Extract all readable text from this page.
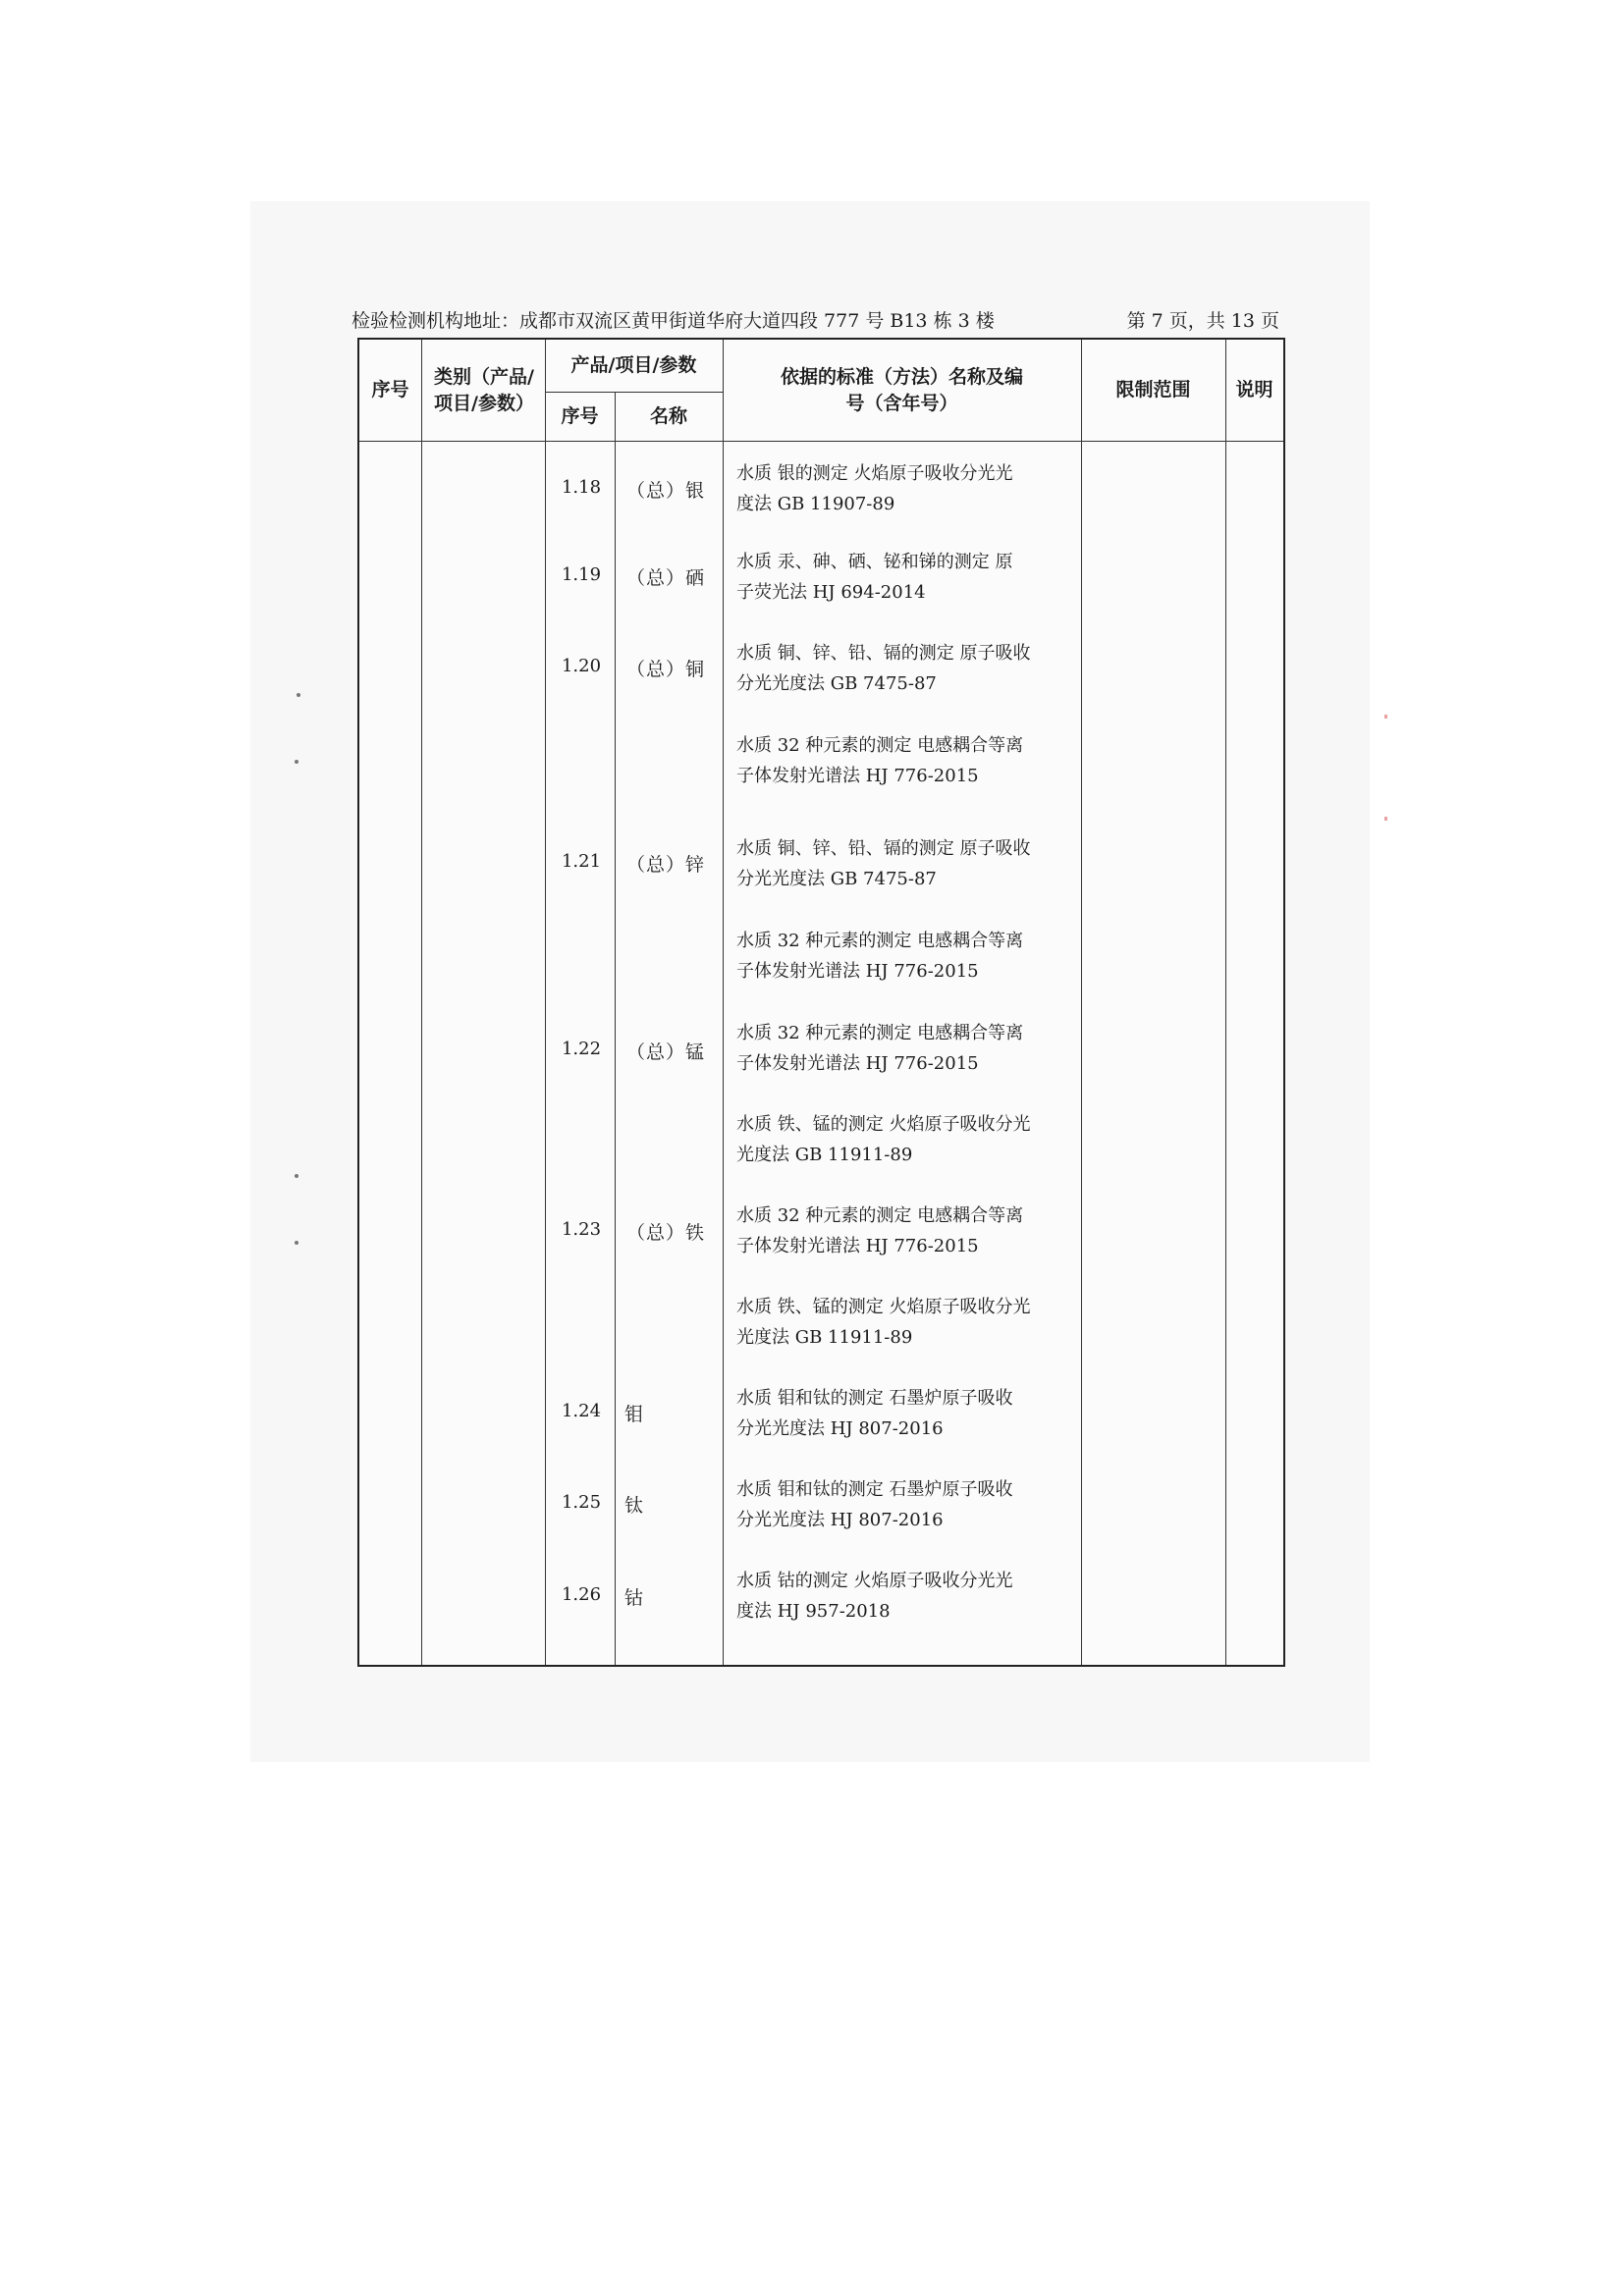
检验检测机构地址：成都市双流区黄甲街道华府大道四段 777 号 B13 栋 3 楼	第 7 页，共 13 页
序号
类别（产品/项目/参数）
产品/项目/参数
序号	名称
依据的标准（方法）名称及编号（含年号）
限制范围	说明
1.18	（总）银
水质 银的测定 火焰原子吸收分光光
度法 GB 11907-89
1.19	（总）硒
水质 汞、砷、硒、铋和锑的测定 原
子荧光法 HJ 694-2014
1.20	（总）铜
水质 铜、锌、铅、镉的测定 原子吸收
分光光度法 GB 7475-87
水质 32 种元素的测定 电感耦合等离
子体发射光谱法 HJ 776-2015
1.21	（总）锌
水质 铜、锌、铅、镉的测定 原子吸收
分光光度法 GB 7475-87
水质 32 种元素的测定 电感耦合等离
子体发射光谱法 HJ 776-2015
1.22	（总）锰
水质 32 种元素的测定 电感耦合等离
子体发射光谱法 HJ 776-2015
水质 铁、锰的测定 火焰原子吸收分光
光度法 GB 11911-89
1.23	（总）铁
水质 32 种元素的测定 电感耦合等离
子体发射光谱法 HJ 776-2015
水质 铁、锰的测定 火焰原子吸收分光
光度法 GB 11911-89
1.24	钼
水质 钼和钛的测定 石墨炉原子吸收
分光光度法 HJ 807-2016
1.25	钛
水质 钼和钛的测定 石墨炉原子吸收
分光光度法 HJ 807-2016
1.26	钴
水质 钴的测定 火焰原子吸收分光光
度法 HJ 957-2018
